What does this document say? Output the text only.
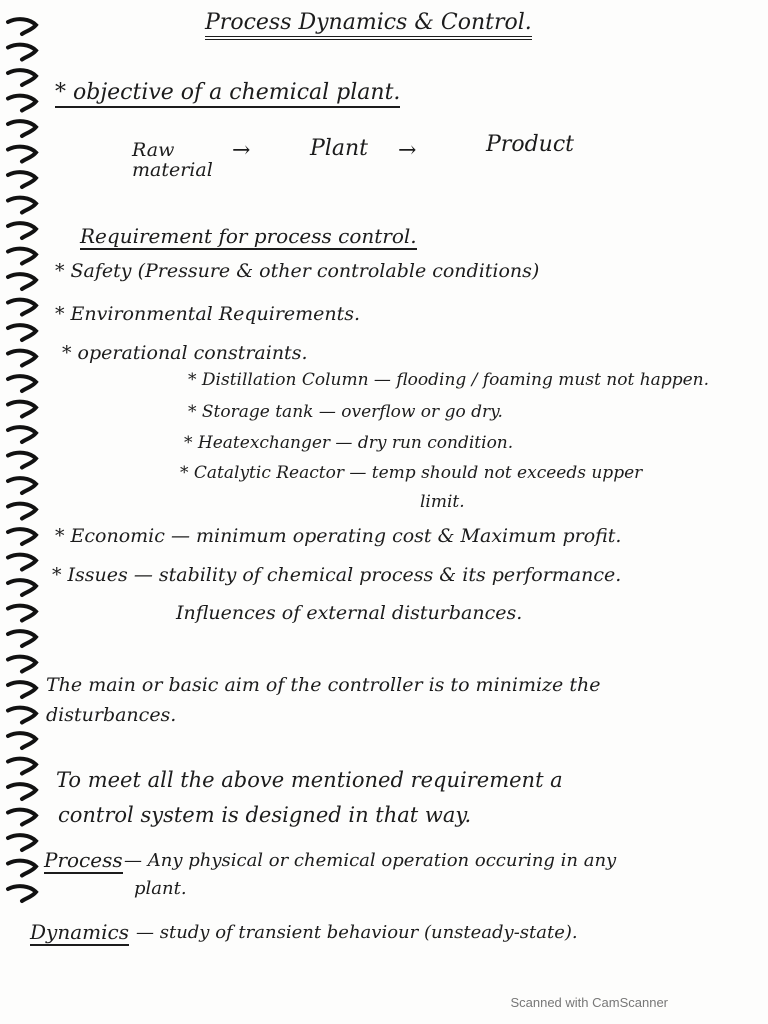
Process Dynamics & Control.
* objective of a chemical plant.
Raw material
→	Plant →	Product
Requirement for process control.
* Safety (Pressure & other controlable conditions)
* Environmental Requirements.
* operational constraints.
* Distillation Column — flooding / foaming must not happen.
* Storage tank — overflow or go dry.
* Heatexchanger — dry run condition.
* Catalytic Reactor — temp should not exceeds upper
limit.
* Economic — minimum operating cost & Maximum profit.
* Issues — stability of chemical process & its performance.
Influences of external disturbances.
The main or basic aim of the controller is to minimize the
disturbances.
To meet all the above mentioned requirement a
control system is designed in that way.
Process — Any physical or chemical operation occuring in any
plant.
Dynamics — study of transient behaviour (unsteady-state).
Scanned with CamScanner
